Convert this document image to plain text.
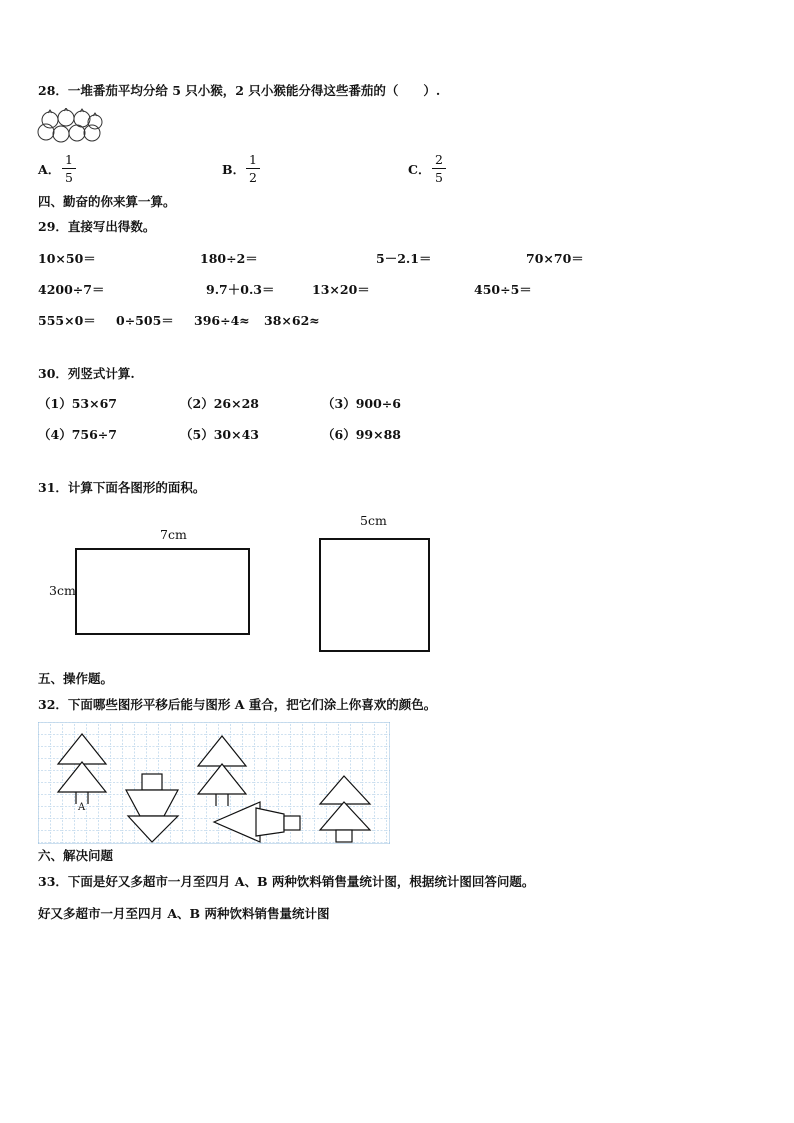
28．一堆番茄平均分给 5 只小猴，2 只小猴能分得这些番茄的（　　）.
A．
1
5
B．
1
2
C．
2
5
四、勤奋的你来算一算。
29．直接写出得数。
10×50＝	180÷2＝	5－2.1＝	70×70＝
4200÷7＝	9.7＋0.3＝	13×20＝	450÷5＝
555×0＝ 0÷505＝ 396÷4≈ 38×62≈
30．列竖式计算.
（1）53×67	（2）26×28	（3）900÷6
（4）756÷7	（5）30×43	（6）99×88
31．计算下面各图形的面积。
7cm
3cm
5cm
五、操作题。
32．下面哪些图形平移后能与图形 A 重合，把它们涂上你喜欢的颜色。
A
六、解决问题
33．下面是好又多超市一月至四月 A、B 两种饮料销售量统计图，根据统计图回答问题。
好又多超市一月至四月 A、B 两种饮料销售量统计图
